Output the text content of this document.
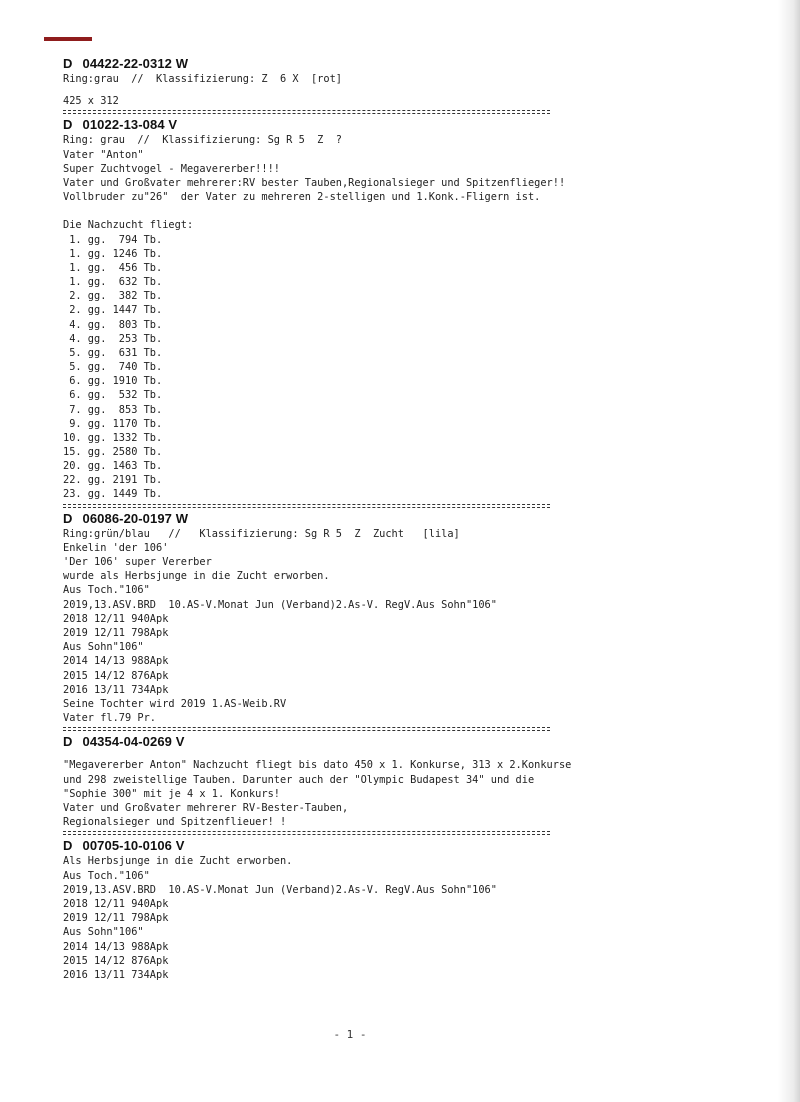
D 04422-22-0312 W
Ring:grau  //  Klassifizierung: Z  6 X  [rot]
425 x 312
D 01022-13-084 V
Ring: grau  //  Klassifizierung: Sg R 5  Z  ?
Vater "Anton"
Super Zuchtvogel - Megavererber!!!!
Vater und Großvater mehrerer:RV bester Tauben,Regionalsieger und Spitzenflieger!!
Vollbruder zu"26"  der Vater zu mehreren 2-stelligen und 1.Konk.-Fligern ist.
Die Nachzucht fliegt:
1. gg.  794 Tb.
1. gg. 1246 Tb.
1. gg.  456 Tb.
1. gg.  632 Tb.
2. gg.  382 Tb.
2. gg. 1447 Tb.
4. gg.  803 Tb.
4. gg.  253 Tb.
5. gg.  631 Tb.
5. gg.  740 Tb.
6. gg. 1910 Tb.
6. gg.  532 Tb.
7. gg.  853 Tb.
9. gg. 1170 Tb.
10. gg. 1332 Tb.
15. gg. 2580 Tb.
20. gg. 1463 Tb.
22. gg. 2191 Tb.
23. gg. 1449 Tb.
D 06086-20-0197 W
Ring:grün/blau   //   Klassifizierung: Sg R 5  Z  Zucht   [lila]
Enkelin 'der 106'
'Der 106' super Vererber
wurde als Herbsjunge in die Zucht erworben.
Aus Toch."106"
2019,13.ASV.BRD  10.AS-V.Monat Jun (Verband)2.As-V. RegV.Aus Sohn"106"
2018 12/11 940Apk
2019 12/11 798Apk
Aus Sohn"106"
2014 14/13 988Apk
2015 14/12 876Apk
2016 13/11 734Apk
Seine Tochter wird 2019 1.AS-Weib.RV
Vater fl.79 Pr.
D 04354-04-0269 V
"Megavererber Anton" Nachzucht fliegt bis dato 450 x 1. Konkurse, 313 x 2.Konkurse
und 298 zweistellige Tauben. Darunter auch der "Olympic Budapest 34" und die
"Sophie 300" mit je 4 x 1. Konkurs!
Vater und Großvater mehrerer RV-Bester-Tauben,
Regionalsieger und Spitzenflieuer! !
D 00705-10-0106 V
Als Herbsjunge in die Zucht erworben.
Aus Toch."106"
2019,13.ASV.BRD  10.AS-V.Monat Jun (Verband)2.As-V. RegV.Aus Sohn"106"
2018 12/11 940Apk
2019 12/11 798Apk
Aus Sohn"106"
2014 14/13 988Apk
2015 14/12 876Apk
2016 13/11 734Apk
- 1 -
